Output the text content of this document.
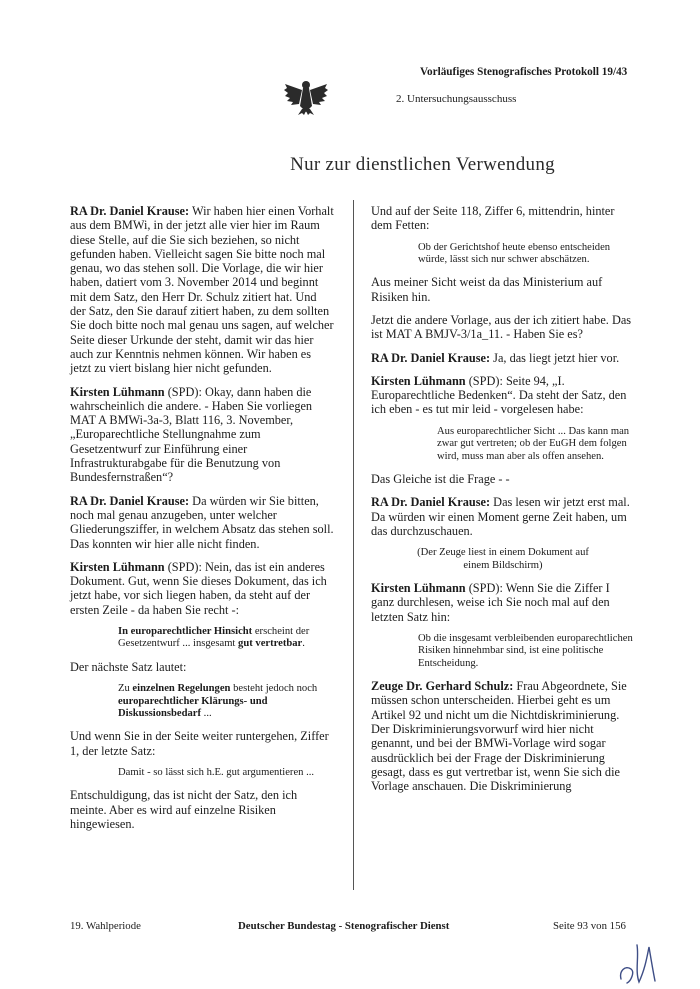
Vorläufiges Stenografisches Protokoll 19/43
2. Untersuchungsausschuss
Nur zur dienstlichen Verwendung

RA Dr. Daniel Krause: Wir haben hier einen Vorhalt aus dem BMWi, in der jetzt alle vier hier im Raum diese Stelle, auf die Sie sich beziehen, so nicht gefunden haben. Vielleicht sagen Sie bitte noch mal genau, wo das stehen soll. Die Vorlage, die wir hier haben, datiert vom 3. November 2014 und beginnt mit dem Satz, den Herr Dr. Schulz zitiert hat. Und der Satz, den Sie darauf zitiert haben, zu dem sollten Sie doch bitte noch mal genau uns sagen, auf welcher Seite dieser Urkunde der steht, damit wir das hier auch zur Kenntnis nehmen können. Wir haben es jetzt zu viert bislang hier nicht gefunden.

Kirsten Lühmann (SPD): Okay, dann haben die wahrscheinlich die andere. - Haben Sie vorliegen MAT A BMWi-3a-3, Blatt 116, 3. November, „Europarechtliche Stellungnahme zum Gesetzentwurf zur Einführung einer Infrastrukturabgabe für die Benutzung von Bundesfernstraßen“?

RA Dr. Daniel Krause: Da würden wir Sie bitten, noch mal genau anzugeben, unter welcher Gliederungsziffer, in welchem Absatz das stehen soll. Das konnten wir hier alle nicht finden.

Kirsten Lühmann (SPD): Nein, das ist ein anderes Dokument. Gut, wenn Sie dieses Dokument, das ich jetzt habe, vor sich liegen haben, da steht auf der ersten Zeile - da haben Sie recht -:

In europarechtlicher Hinsicht erscheint der Gesetzentwurf ... insgesamt gut vertretbar.

Der nächste Satz lautet:

Zu einzelnen Regelungen besteht jedoch noch europarechtlicher Klärungs- und Diskussionsbedarf ...

Und wenn Sie in der Seite weiter runtergehen, Ziffer 1, der letzte Satz:

Damit - so lässt sich h.E. gut argumentieren ...

Entschuldigung, das ist nicht der Satz, den ich meinte. Aber es wird auf einzelne Risiken hingewiesen.

Und auf der Seite 118, Ziffer 6, mittendrin, hinter dem Fetten:

Ob der Gerichtshof heute ebenso entscheiden würde, lässt sich nur schwer abschätzen.

Aus meiner Sicht weist da das Ministerium auf Risiken hin.

Jetzt die andere Vorlage, aus der ich zitiert habe. Das ist MAT A BMJV-3/1a_11. - Haben Sie es?

RA Dr. Daniel Krause: Ja, das liegt jetzt hier vor.

Kirsten Lühmann (SPD): Seite 94, „I. Europarechtliche Bedenken“. Da steht der Satz, den ich eben - es tut mir leid - vorgelesen habe:

Aus europarechtlicher Sicht ... Das kann man zwar gut vertreten; ob der EuGH dem folgen wird, muss man aber als offen ansehen.

Das Gleiche ist die Frage - -

RA Dr. Daniel Krause: Das lesen wir jetzt erst mal. Da würden wir einen Moment gerne Zeit haben, um das durchzuschauen.

(Der Zeuge liest in einem Dokument auf einem Bildschirm)

Kirsten Lühmann (SPD): Wenn Sie die Ziffer I ganz durchlesen, weise ich Sie noch mal auf den letzten Satz hin:

Ob die insgesamt verbleibenden europarechtlichen Risiken hinnehmbar sind, ist eine politische Entscheidung.

Zeuge Dr. Gerhard Schulz: Frau Abgeordnete, Sie müssen schon unterscheiden. Hierbei geht es um Artikel 92 und nicht um die Nichtdiskriminierung. Der Diskriminierungsvorwurf wird hier nicht genannt, und bei der BMWi-Vorlage wird sogar ausdrücklich bei der Frage der Diskriminierung gesagt, dass es gut vertretbar ist, wenn Sie sich die Vorlage anschauen. Die Diskriminierung

19. Wahlperiode	Deutscher Bundestag - Stenografischer Dienst	Seite 93 von 156
